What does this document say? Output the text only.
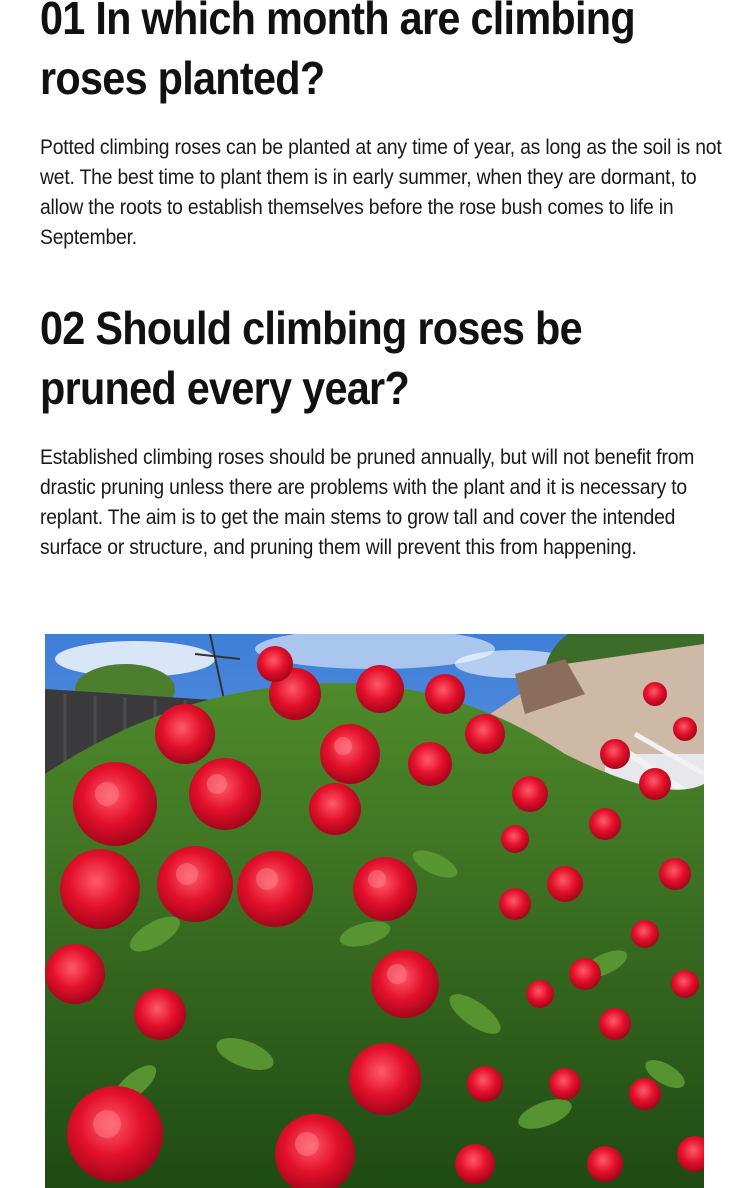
01 In which month are climbing roses planted?

Potted climbing roses can be planted at any time of year, as long as the soil is not wet. The best time to plant them is in early summer, when they are dormant, to allow the roots to establish themselves before the rose bush comes to life in September.

02 Should climbing roses be pruned every year?

Established climbing roses should be pruned annually, but will not benefit from drastic pruning unless there are problems with the plant and it is necessary to replant. The aim is to get the main stems to grow tall and cover the intended surface or structure, and pruning them will prevent this from happening.
